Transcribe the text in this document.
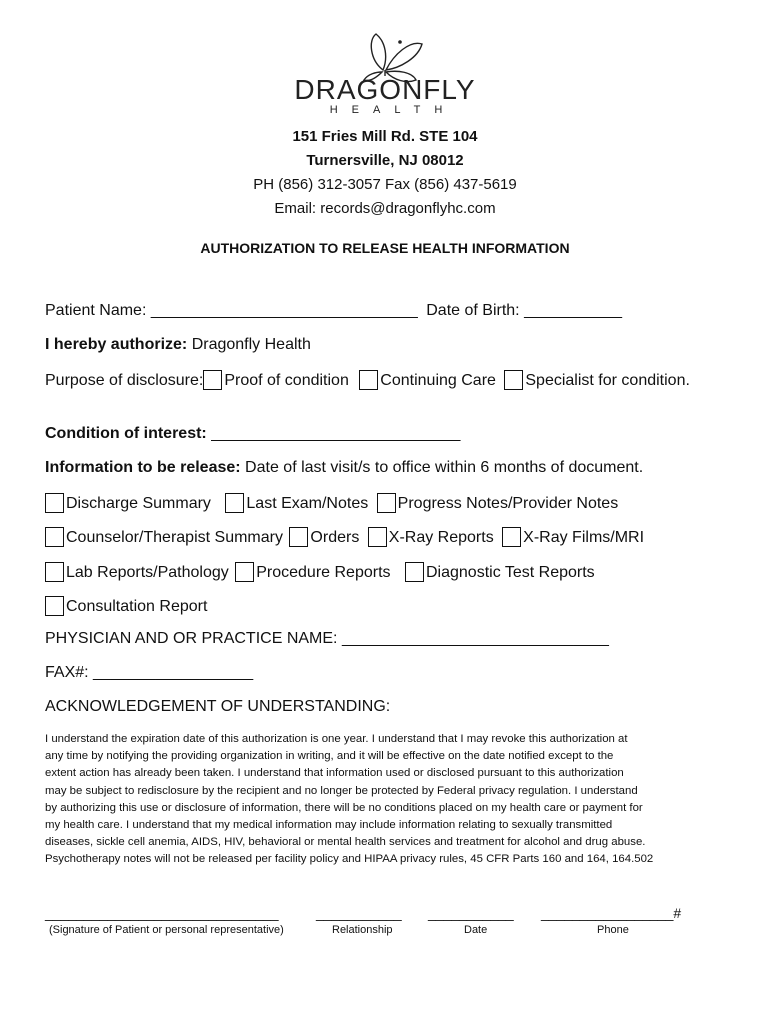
DRAGONFLY
HEALTH
151 Fries Mill Rd. STE 104
Turnersville, NJ 08012
PH (856) 312-3057 Fax (856) 437-5619
Email: records@dragonflyhc.com
AUTHORIZATION TO RELEASE HEALTH INFORMATION
Patient Name: ______________________________ Date of Birth: ___________
I hereby authorize: Dragonfly Health
Purpose of disclosure: Proof of condition Continuing Care Specialist for condition.
Condition of interest: ____________________________
Information to be release: Date of last visit/s to office within 6 months of document.
Discharge Summary Last Exam/Notes Progress Notes/Provider Notes
Counselor/Therapist Summary Orders X-Ray Reports X-Ray Films/MRI
Lab Reports/Pathology Procedure Reports Diagnostic Test Reports
Consultation Report
PHYSICIAN AND OR PRACTICE NAME: ______________________________
FAX#: __________________
ACKNOWLEDGEMENT OF UNDERSTANDING:
I understand the expiration date of this authorization is one year. I understand that I may revoke this authorization at
any time by notifying the providing organization in writing, and it will be effective on the date notified except to the
extent action has already been taken. I understand that information used or disclosed pursuant to this authorization
may be subject to redisclosure by the recipient and no longer be protected by Federal privacy regulation. I understand
by authorizing this use or disclosure of information, there will be no conditions placed on my health care or payment for
my health care. I understand that my medical information may include information relating to sexually transmitted
diseases, sickle cell anemia, AIDS, HIV, behavioral or mental health services and treatment for alcohol and drug abuse.
Psychotherapy notes will not be released per facility policy and HIPAA privacy rules, 45 CFR Parts 160 and 164, 164.502
______________________________	___________ ___________ _________________#
(Signature of Patient or personal representative)	Relationship	Date	Phone
